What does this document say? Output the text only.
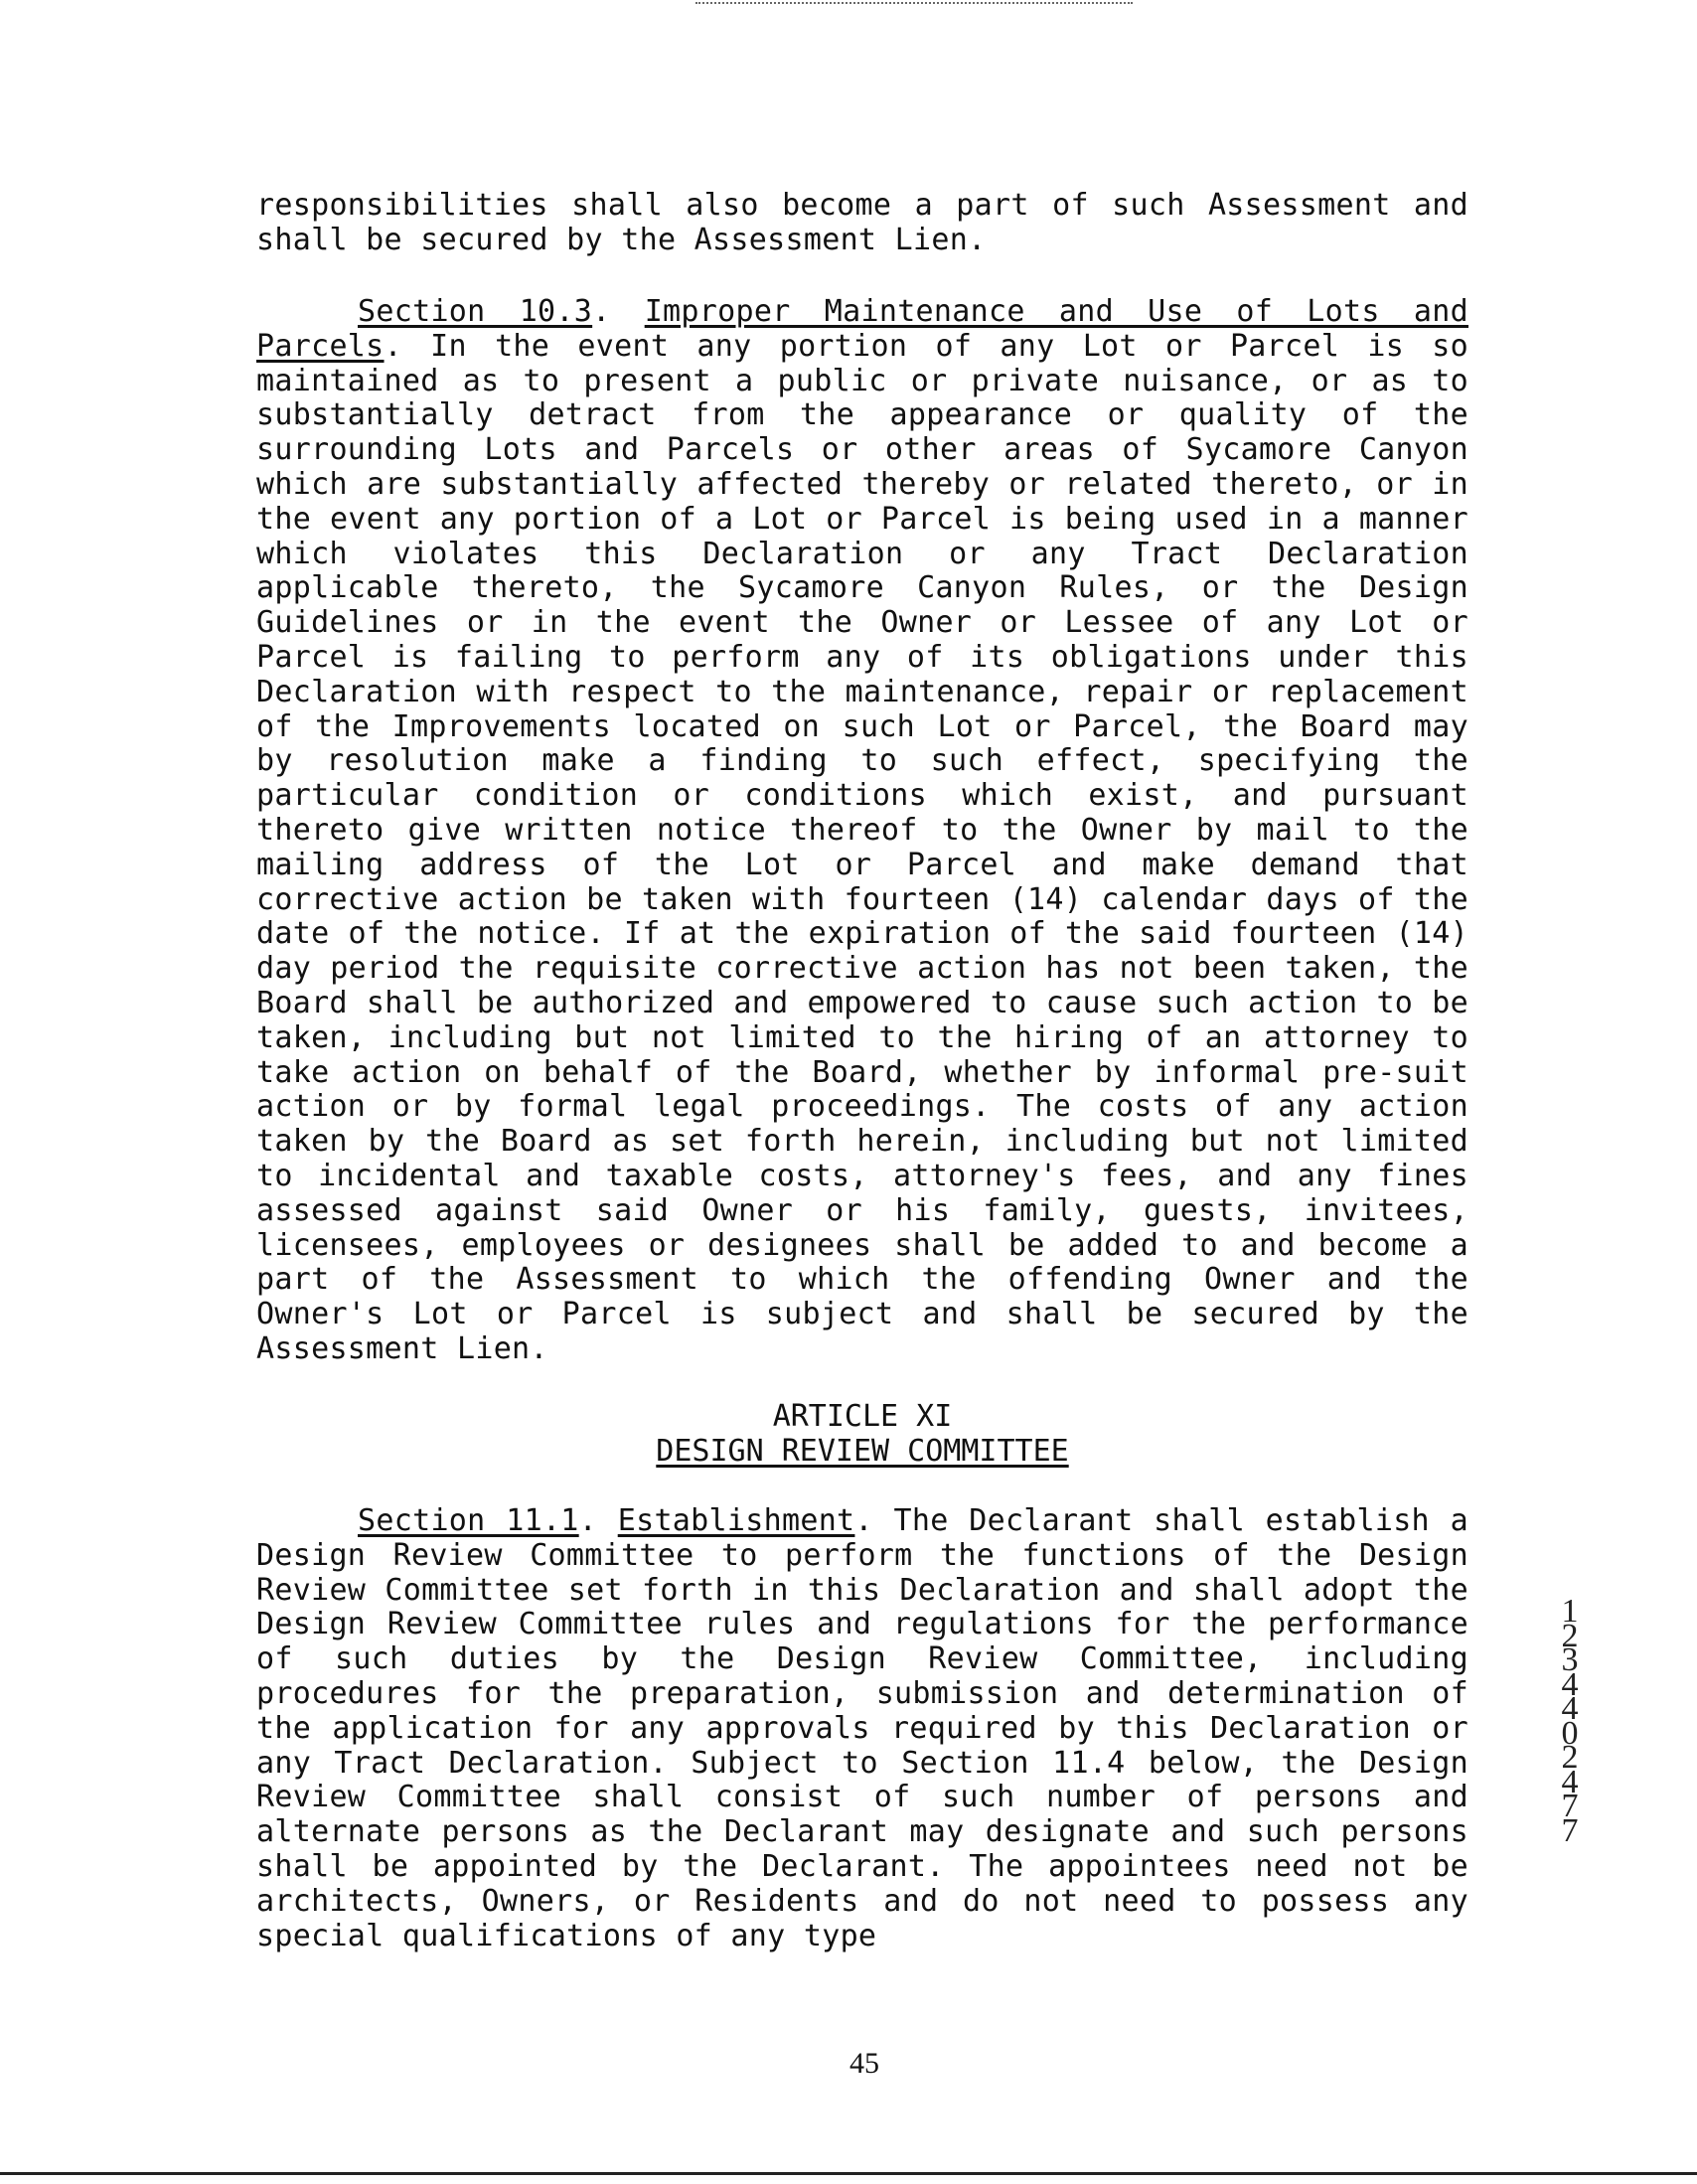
responsibilities shall also become a part of such Assessment and shall be secured by the Assessment Lien.
Section 10.3. Improper Maintenance and Use of Lots and Parcels. In the event any portion of any Lot or Parcel is so maintained as to present a public or private nuisance, or as to substantially detract from the appearance or quality of the surrounding Lots and Parcels or other areas of Sycamore Canyon which are substantially affected thereby or related thereto, or in the event any portion of a Lot or Parcel is being used in a manner which violates this Declaration or any Tract Declaration applicable thereto, the Sycamore Canyon Rules, or the Design Guidelines or in the event the Owner or Lessee of any Lot or Parcel is failing to perform any of its obligations under this Declaration with respect to the maintenance, repair or replacement of the Improvements located on such Lot or Parcel, the Board may by resolution make a finding to such effect, specifying the particular condition or conditions which exist, and pursuant thereto give written notice thereof to the Owner by mail to the mailing address of the Lot or Parcel and make demand that corrective action be taken with fourteen (14) calendar days of the date of the notice. If at the expiration of the said fourteen (14) day period the requisite corrective action has not been taken, the Board shall be authorized and empowered to cause such action to be taken, including but not limited to the hiring of an attorney to take action on behalf of the Board, whether by informal pre-suit action or by formal legal proceedings. The costs of any action taken by the Board as set forth herein, including but not limited to incidental and taxable costs, attorney's fees, and any fines assessed against said Owner or his family, guests, invitees, licensees, employees or designees shall be added to and become a part of the Assessment to which the offending Owner and the Owner's Lot or Parcel is subject and shall be secured by the Assessment Lien.
ARTICLE XI
DESIGN REVIEW COMMITTEE
Section 11.1. Establishment. The Declarant shall establish a Design Review Committee to perform the functions of the Design Review Committee set forth in this Declaration and shall adopt the Design Review Committee rules and regulations for the performance of such duties by the Design Review Committee, including procedures for the preparation, submission and determination of the application for any approvals required by this Declaration or any Tract Declaration. Subject to Section 11.4 below, the Design Review Committee shall consist of such number of persons and alternate persons as the Declarant may designate and such persons shall be appointed by the Declarant. The appointees need not be architects, Owners, or Residents and do not need to possess any special qualifications of any type
12344 02477
45
